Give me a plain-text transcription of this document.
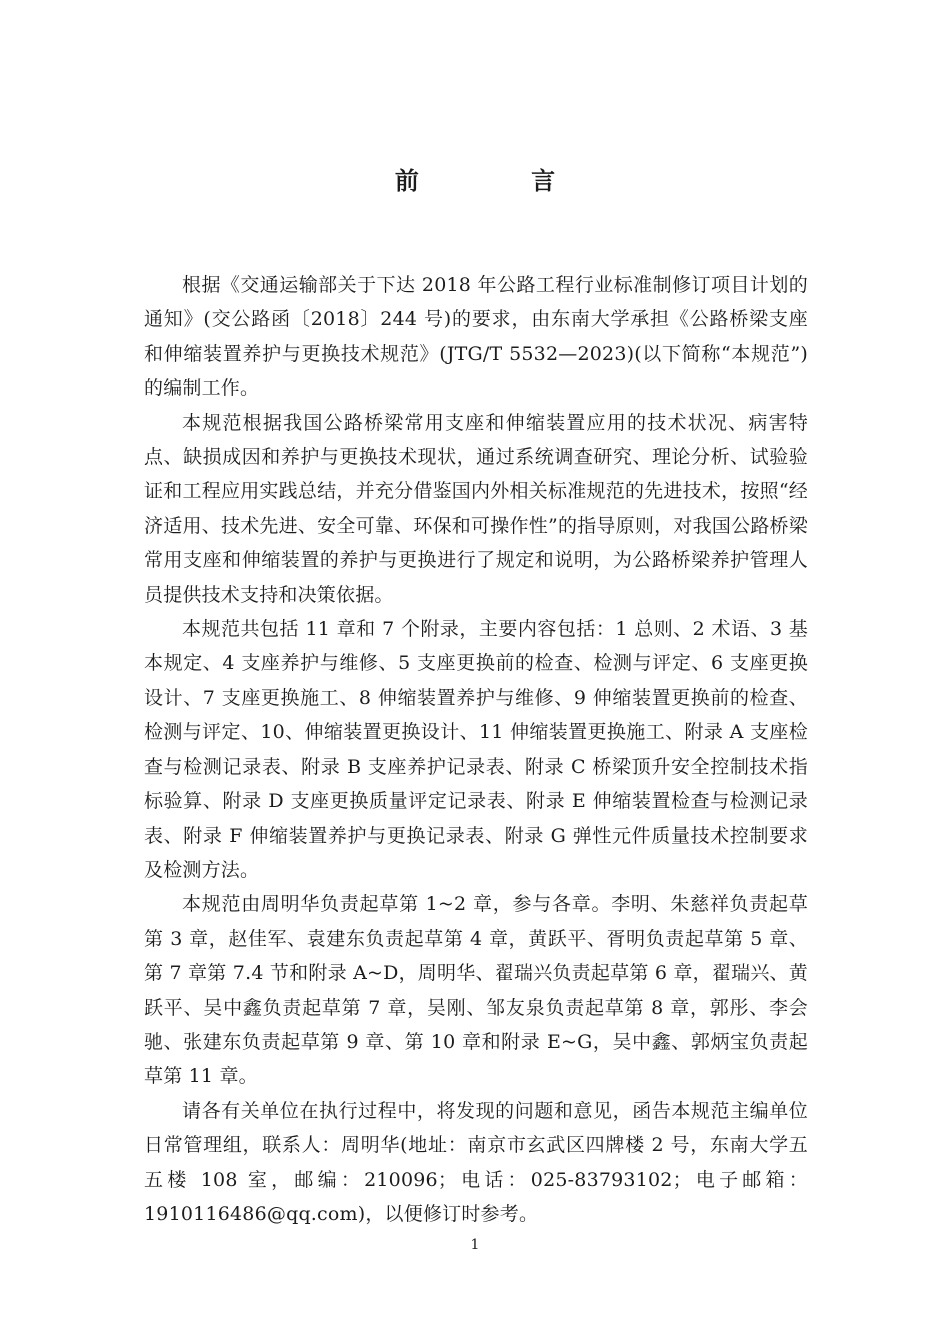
前 言

根据《交通运输部关于下达 2018 年公路工程行业标准制修订项目计划的通知》(交公路函〔2018〕244 号)的要求，由东南大学承担《公路桥梁支座和伸缩装置养护与更换技术规范》(JTG/T 5532—2023)(以下简称“本规范”)的编制工作。

本规范根据我国公路桥梁常用支座和伸缩装置应用的技术状况、病害特点、缺损成因和养护与更换技术现状，通过系统调查研究、理论分析、试验验证和工程应用实践总结，并充分借鉴国内外相关标准规范的先进技术，按照“经济适用、技术先进、安全可靠、环保和可操作性”的指导原则，对我国公路桥梁常用支座和伸缩装置的养护与更换进行了规定和说明，为公路桥梁养护管理人员提供技术支持和决策依据。

本规范共包括 11 章和 7 个附录，主要内容包括：1 总则、2 术语、3 基本规定、4 支座养护与维修、5 支座更换前的检查、检测与评定、6 支座更换设计、7 支座更换施工、8 伸缩装置养护与维修、9 伸缩装置更换前的检查、检测与评定、10、伸缩装置更换设计、11 伸缩装置更换施工、附录 A 支座检查与检测记录表、附录 B 支座养护记录表、附录 C 桥梁顶升安全控制技术指标验算、附录 D 支座更换质量评定记录表、附录 E 伸缩装置检查与检测记录表、附录 F 伸缩装置养护与更换记录表、附录 G 弹性元件质量技术控制要求及检测方法。

本规范由周明华负责起草第 1~2 章，参与各章。李明、朱慈祥负责起草第 3 章，赵佳军、袁建东负责起草第 4 章，黄跃平、胥明负责起草第 5 章、第 7 章第 7.4 节和附录 A~D，周明华、翟瑞兴负责起草第 6 章，翟瑞兴、黄跃平、吴中鑫负责起草第 7 章，吴刚、邹友泉负责起草第 8 章，郭彤、李会驰、张建东负责起草第 9 章、第 10 章和附录 E~G，吴中鑫、郭炳宝负责起草第 11 章。

请各有关单位在执行过程中，将发现的问题和意见，函告本规范主编单位日常管理组，联系人：周明华(地址：南京市玄武区四牌楼 2 号，东南大学五五楼 108 室，邮编：210096；电话：025-83793102；电子邮箱：1910116486@qq.com)，以便修订时参考。

1
